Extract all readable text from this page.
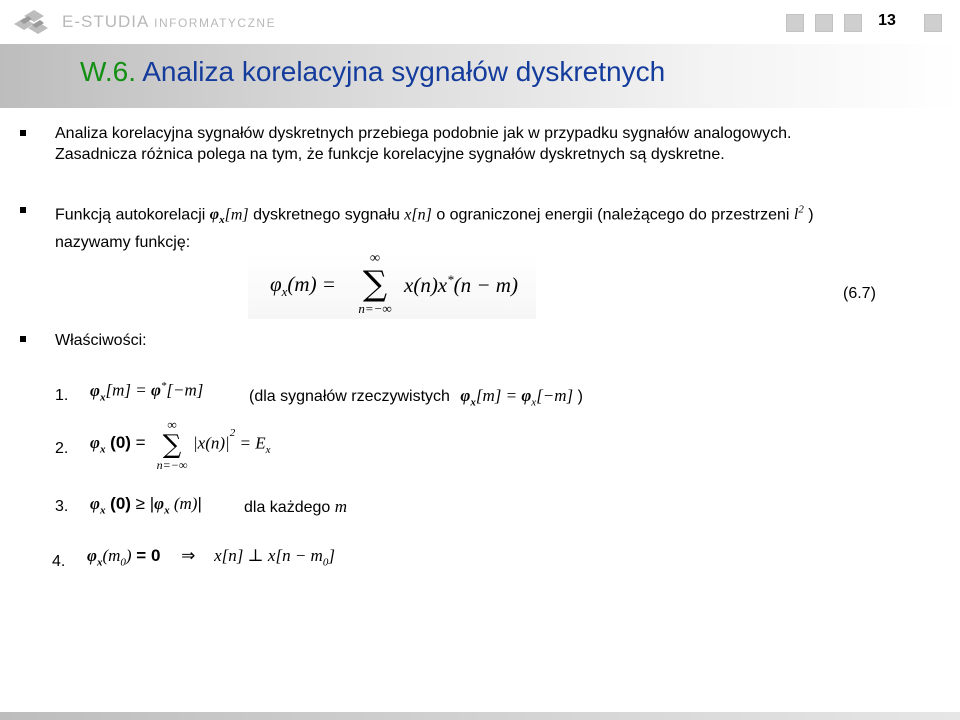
E-STUDIA INFORMATYCZNE	13
W.6. Analiza korelacyjna sygnałów dyskretnych
Analiza korelacyjna sygnałów dyskretnych przebiega podobnie jak w przypadku sygnałów analogowych.
Zasadnicza różnica polega na tym, że funkcje korelacyjne sygnałów dyskretnych są dyskretne.
Funkcją autokorelacji $\varphi_x[m]$ dyskretnego sygnału x[n] o ograniczonej energii (należącego do przestrzeni $l^2$ )
nazywamy funkcję:
$\varphi_x(m)$ =
∞
∑
n=−∞
x(n)x*(n − m)	(6.7)
Właściwości:
1. $\varphi_x[m] = \varphi^*[-m]$	(dla sygnałów rzeczywistych $\varphi_x[m] = \varphi_x[-m]$ )
2. $\varphi_x$ (0) =
∞
∑
n=−∞
$|x(n)|^2 = E_x$
3. $\varphi_x$ $(0) \ge |\varphi_x$ (m)|	dla każdego m
4. $\varphi_x(m_0) = 0$ ⇒ x[n] ⊥ $x[n - m_0]$
